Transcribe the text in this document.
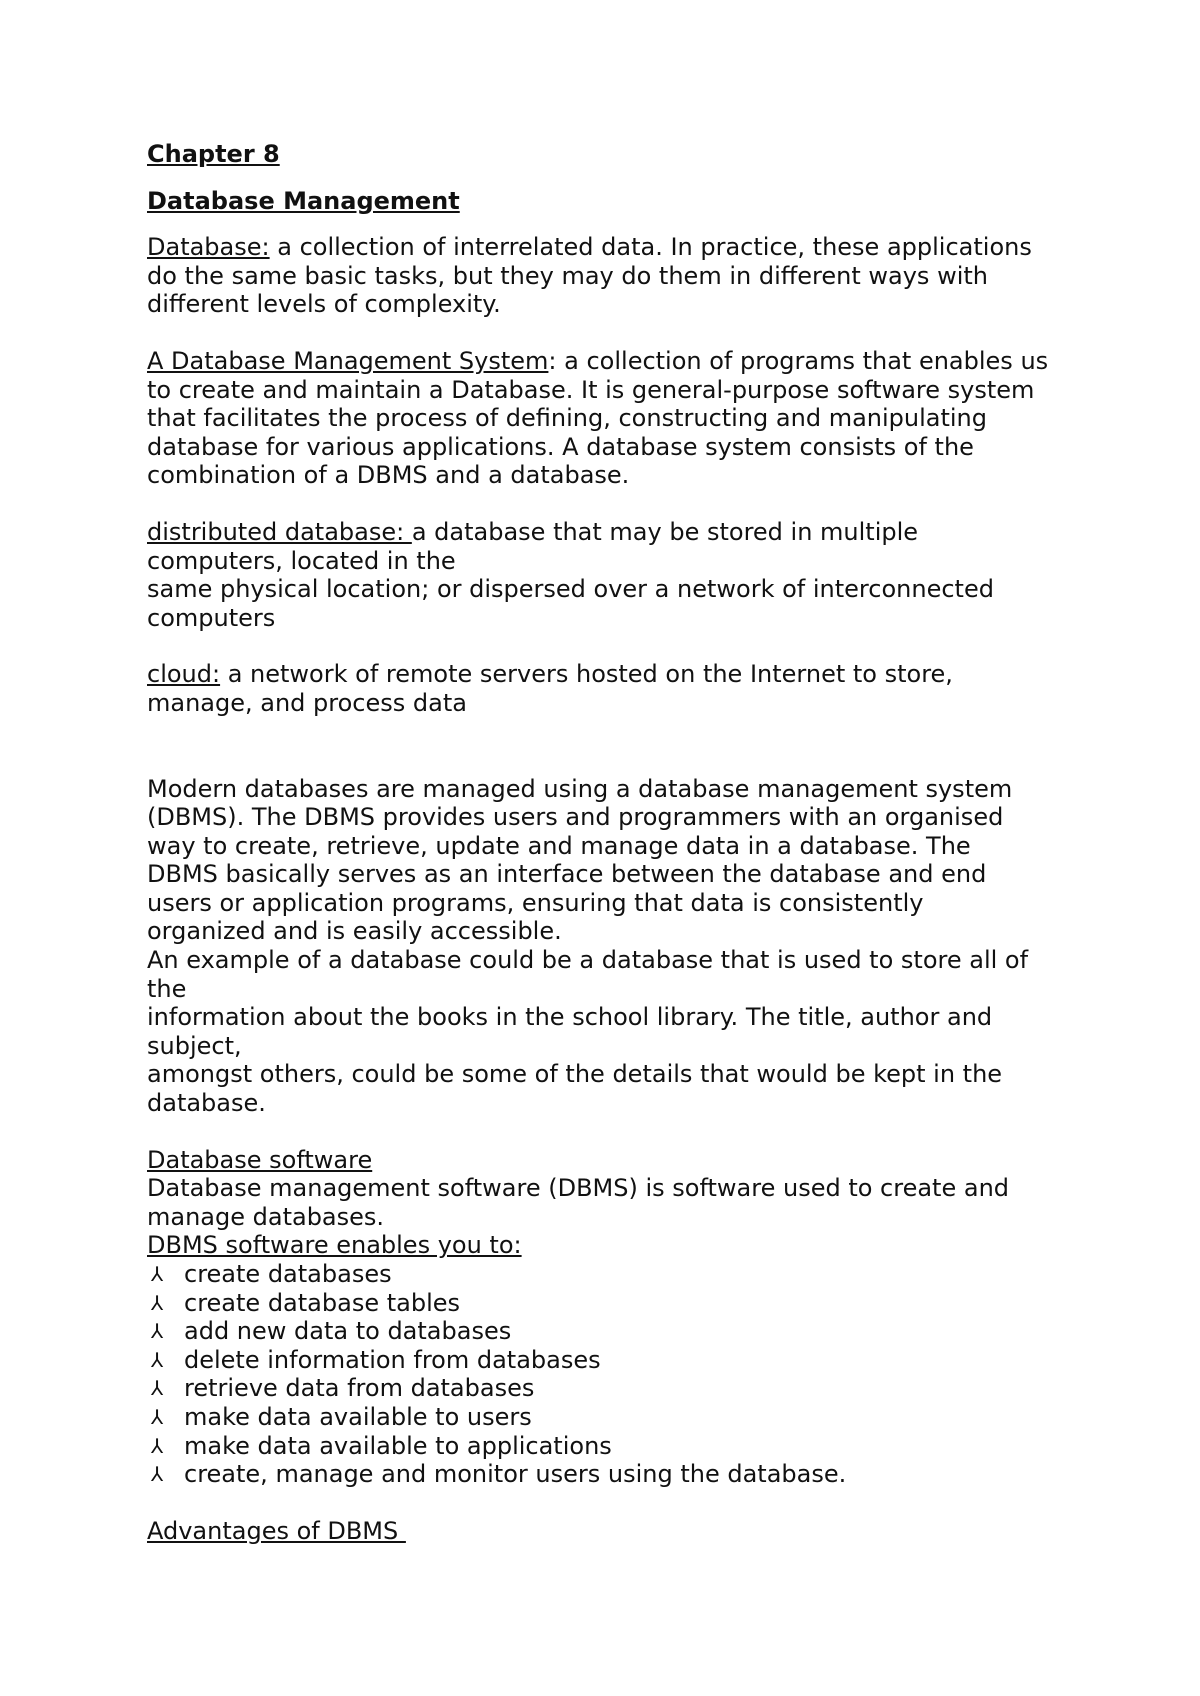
Chapter 8
Database Management
Database: a collection of interrelated data. In practice, these applications
do the same basic tasks, but they may do them in different ways with
different levels of complexity.
A Database Management System: a collection of programs that enables us
to create and maintain a Database. It is general-purpose software system
that facilitates the process of defining, constructing and manipulating
database for various applications. A database system consists of the
combination of a DBMS and a database.
distributed database: a database that may be stored in multiple
computers, located in the
same physical location; or dispersed over a network of interconnected
computers
cloud: a network of remote servers hosted on the Internet to store,
manage, and process data
Modern databases are managed using a database management system
(DBMS). The DBMS provides users and programmers with an organised
way to create, retrieve, update and manage data in a database. The
DBMS basically serves as an interface between the database and end
users or application programs, ensuring that data is consistently
organized and is easily accessible.
An example of a database could be a database that is used to store all of
the
information about the books in the school library. The title, author and
subject,
amongst others, could be some of the details that would be kept in the
database.
Database software
Database management software (DBMS) is software used to create and
manage databases.
DBMS software enables you to:
⅄ create databases
⅄ create database tables
⅄ add new data to databases
⅄ delete information from databases
⅄ retrieve data from databases
⅄ make data available to users
⅄ make data available to applications
⅄ create, manage and monitor users using the database.
Advantages of DBMS
